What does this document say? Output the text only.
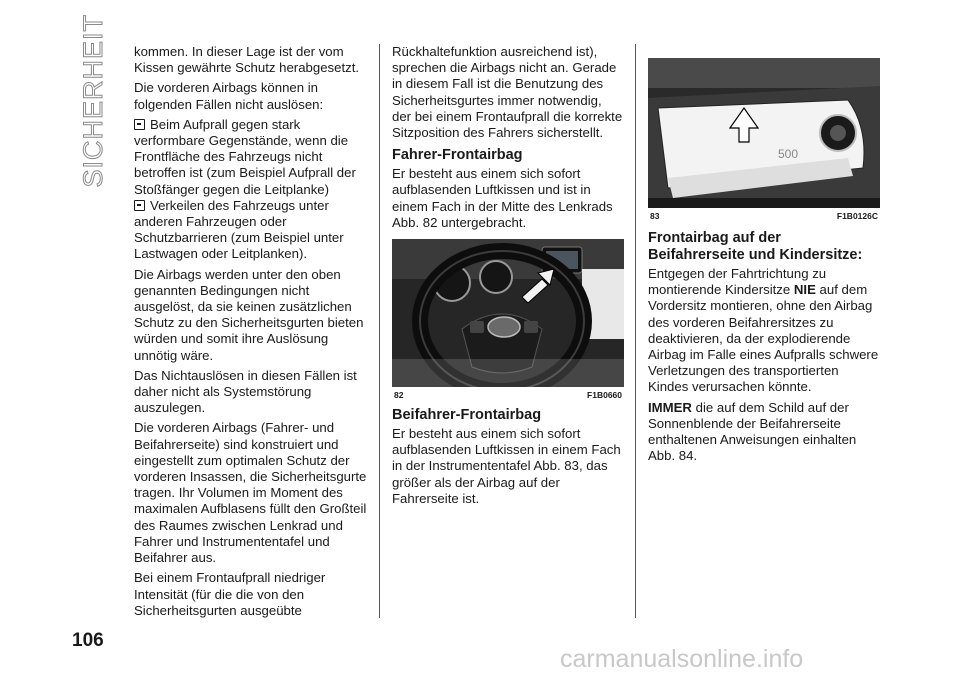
SICHERHEIT kommen. In dieser Lage ist der vom Kissen gewährte Schutz herabgesetzt.

Die vorderen Airbags können in folgenden Fällen nicht auslösen:

Beim Aufprall gegen stark verformbare Gegenstände, wenn die Frontfläche des Fahrzeugs nicht betroffen ist (zum Beispiel Aufprall der Stoßfänger gegen die Leitplanke)
Verkeilen des Fahrzeugs unter anderen Fahrzeugen oder Schutzbarrieren (zum Beispiel unter Lastwagen oder Leitplanken).

Die Airbags werden unter den oben genannten Bedingungen nicht ausgelöst, da sie keinen zusätzlichen Schutz zu den Sicherheitsgurten bieten würden und somit ihre Auslösung unnötig wäre.

Das Nichtauslösen in diesen Fällen ist daher nicht als Systemstörung auszulegen.

Die vorderen Airbags (Fahrer- und Beifahrerseite) sind konstruiert und eingestellt zum optimalen Schutz der vorderen Insassen, die Sicherheitsgurte tragen. Ihr Volumen im Moment des maximalen Aufblasens füllt den Großteil des Raumes zwischen Lenkrad und Fahrer und Instrumententafel und Beifahrer aus.

Bei einem Frontaufprall niedriger Intensität (für die die von den Sicherheitsgurten ausgeübte

Rückhaltefunktion ausreichend ist), sprechen die Airbags nicht an. Gerade in diesem Fall ist die Benutzung des Sicherheitsgurtes immer notwendig, der bei einem Frontaufprall die korrekte Sitzposition des Fahrers sicherstellt.

Fahrer-Frontairbag

Er besteht aus einem sich sofort aufblasenden Luftkissen und ist in einem Fach in der Mitte des Lenkrads Abb. 82 untergebracht.

82	F1B0660
Beifahrer-Frontairbag

Er besteht aus einem sich sofort aufblasenden Luftkissen in einem Fach in der Instrumententafel Abb. 83, das größer als der Airbag auf der Fahrerseite ist.

500
83	F1B0126C
Frontairbag auf der Beifahrerseite und Kindersitze:

Entgegen der Fahrtrichtung zu montierende Kindersitze NIE auf dem Vordersitz montieren, ohne den Airbag des vorderen Beifahrersitzes zu deaktivieren, da der explodierende Airbag im Falle eines Aufpralls schwere Verletzungen des transportierten Kindes verursachen könnte.

IMMER die auf dem Schild auf der Sonnenblende der Beifahrerseite enthaltenen Anweisungen einhalten Abb. 84.

106
carmanualsonline.info
